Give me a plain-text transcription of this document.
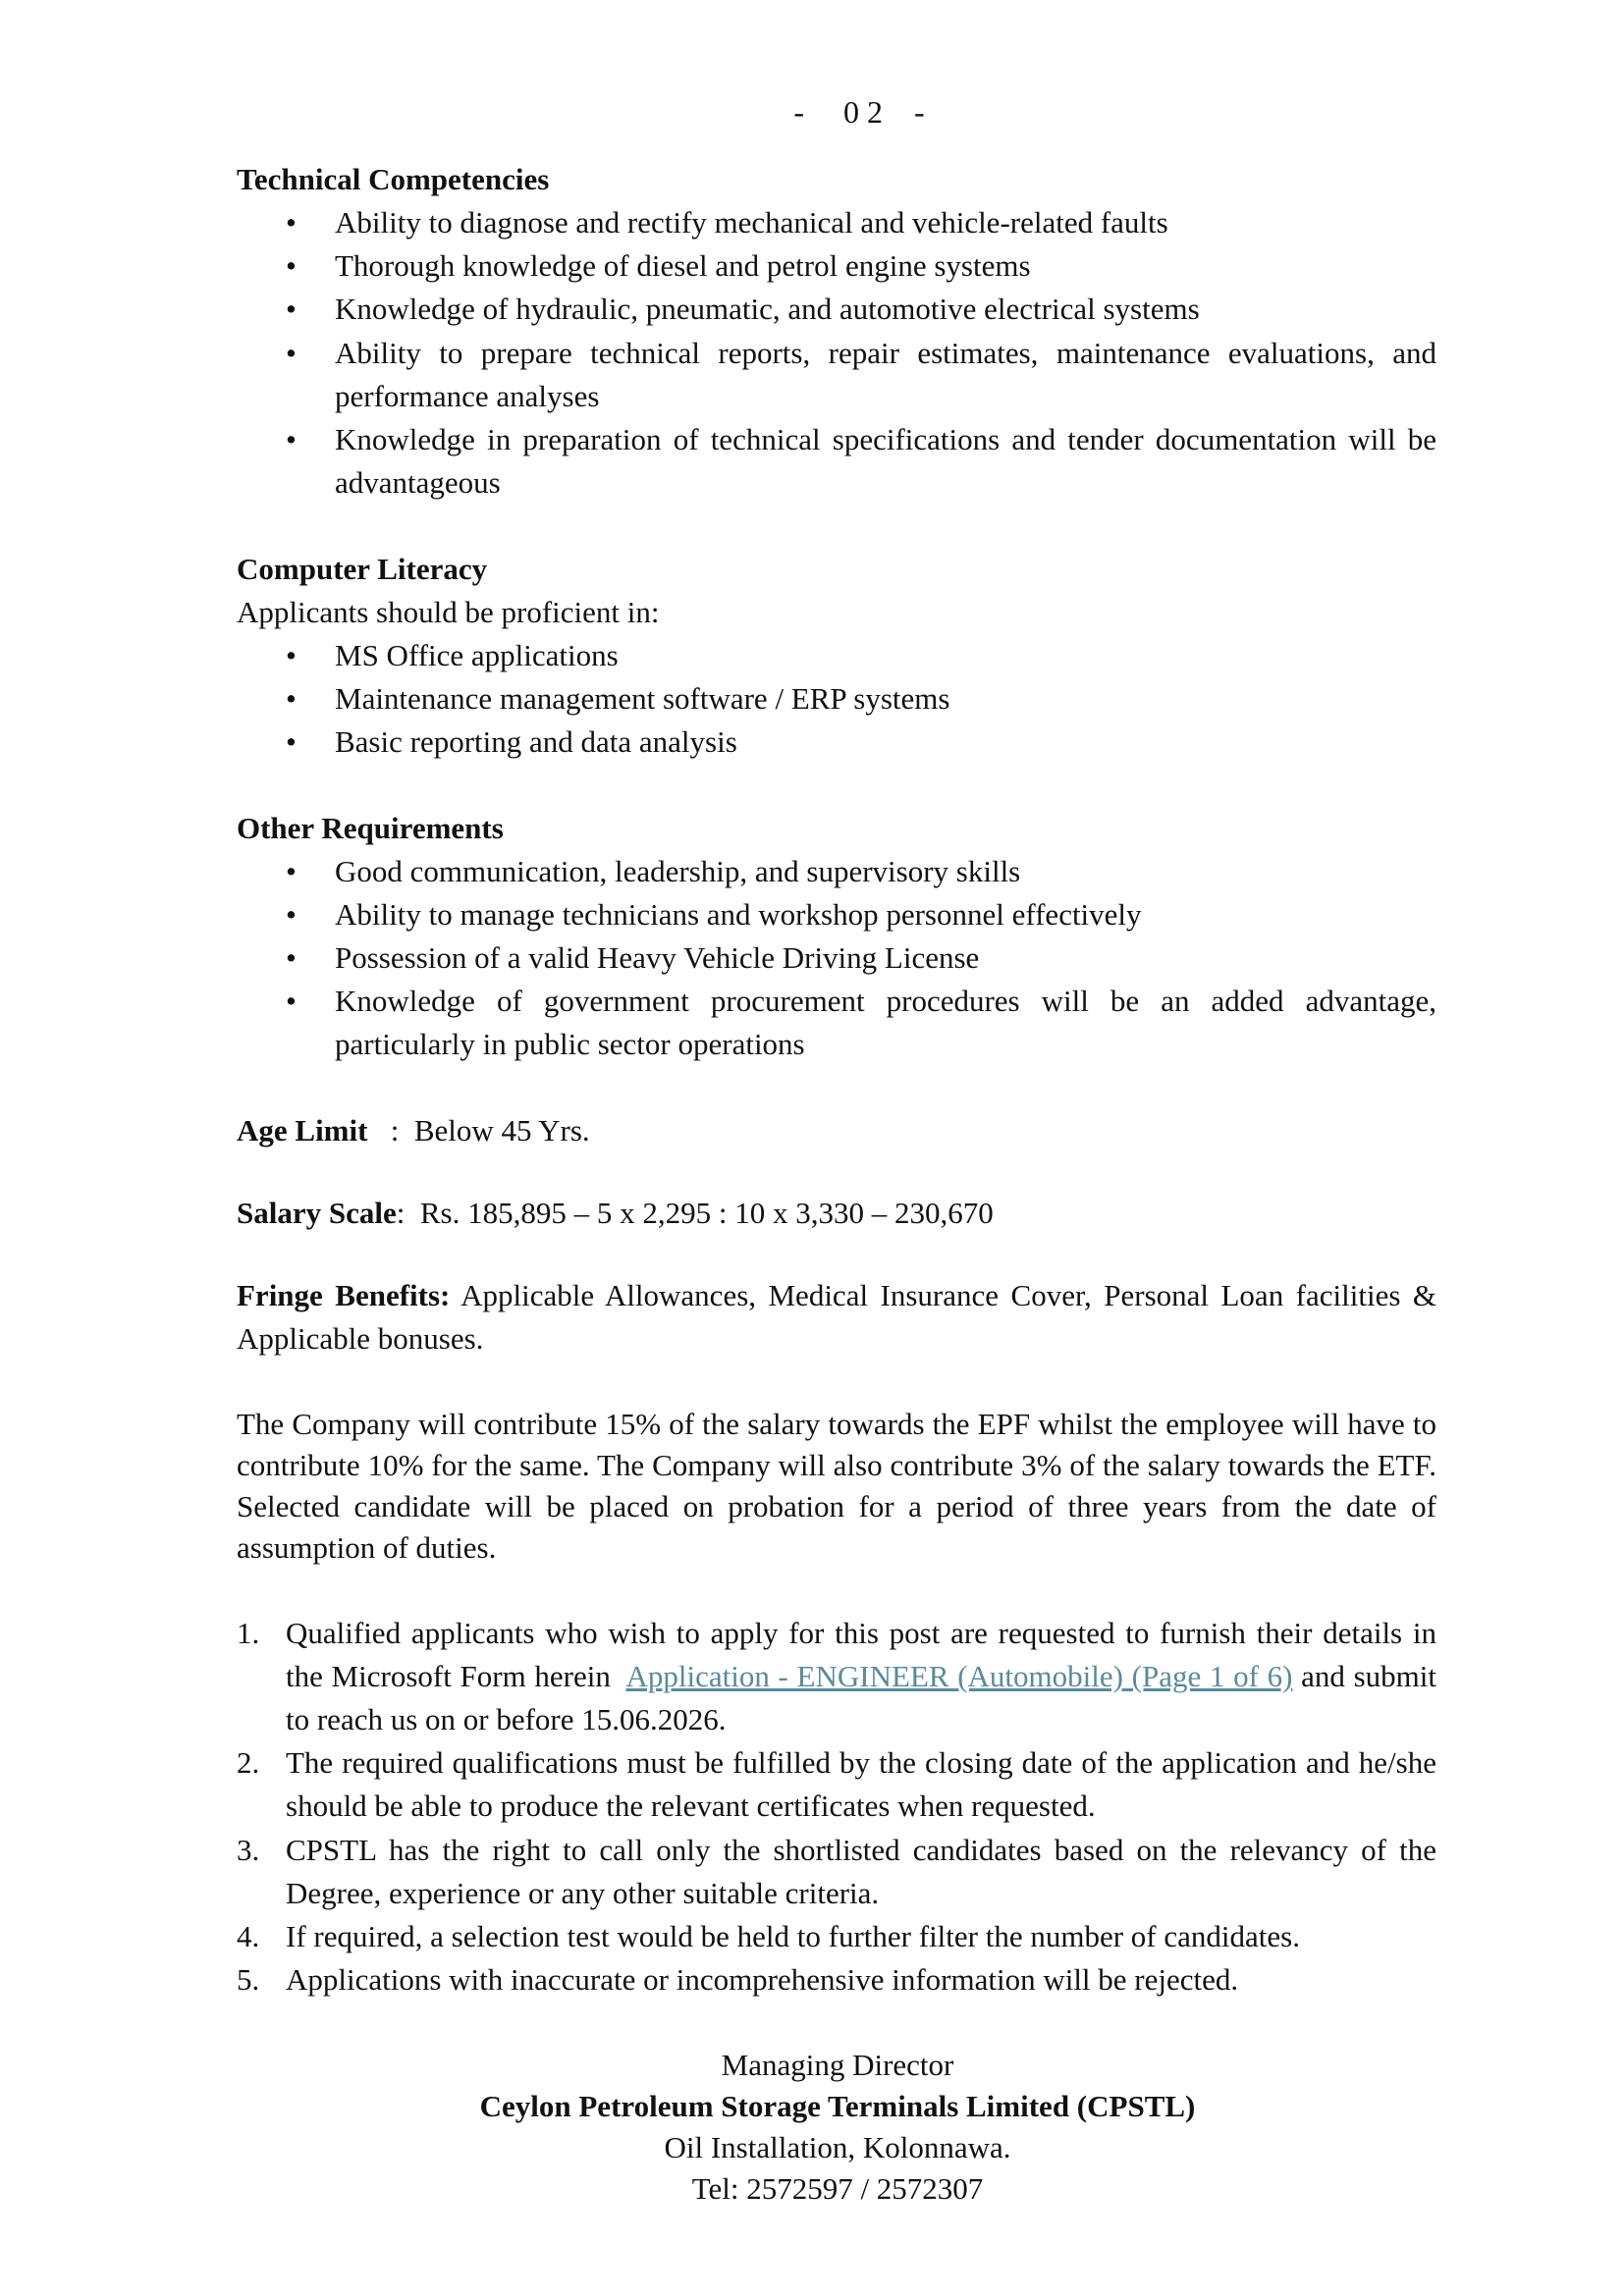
-     0 2    -
Technical Competencies
• Ability to diagnose and rectify mechanical and vehicle-related faults
• Thorough knowledge of diesel and petrol engine systems
• Knowledge of hydraulic, pneumatic, and automotive electrical systems
• Ability to prepare technical reports, repair estimates, maintenance evaluations, and performance analyses
• Knowledge in preparation of technical specifications and tender documentation will be advantageous
Computer Literacy

Applicants should be proficient in:

• MS Office applications
• Maintenance management software / ERP systems
• Basic reporting and data analysis
Other Requirements
• Good communication, leadership, and supervisory skills
• Ability to manage technicians and workshop personnel effectively
• Possession of a valid Heavy Vehicle Driving License
• Knowledge of government procurement procedures will be an added advantage, particularly in public sector operations

Age Limit   :  Below 45 Yrs.

Salary Scale:  Rs. 185,895 – 5 x 2,295 : 10 x 3,330 – 230,670

Fringe Benefits: Applicable Allowances, Medical Insurance Cover, Personal Loan facilities & Applicable bonuses.

The Company will contribute 15% of the salary towards the EPF whilst the employee will have to contribute 10% for the same. The Company will also contribute 3% of the salary towards the ETF. Selected candidate will be placed on probation for a period of three years from the date of assumption of duties.

1. Qualified applicants who wish to apply for this post are requested to furnish their details in the Microsoft Form herein  Application - ENGINEER (Automobile) (Page 1 of 6) and submit to reach us on or before 15.06.2026.
2. The required qualifications must be fulfilled by the closing date of the application and he/she should be able to produce the relevant certificates when requested.
3. CPSTL has the right to call only the shortlisted candidates based on the relevancy of the Degree, experience or any other suitable criteria.
4. If required, a selection test would be held to further filter the number of candidates.
5. Applications with inaccurate or incomprehensive information will be rejected.
Managing Director
Ceylon Petroleum Storage Terminals Limited (CPSTL)
Oil Installation, Kolonnawa.
Tel: 2572597 / 2572307
